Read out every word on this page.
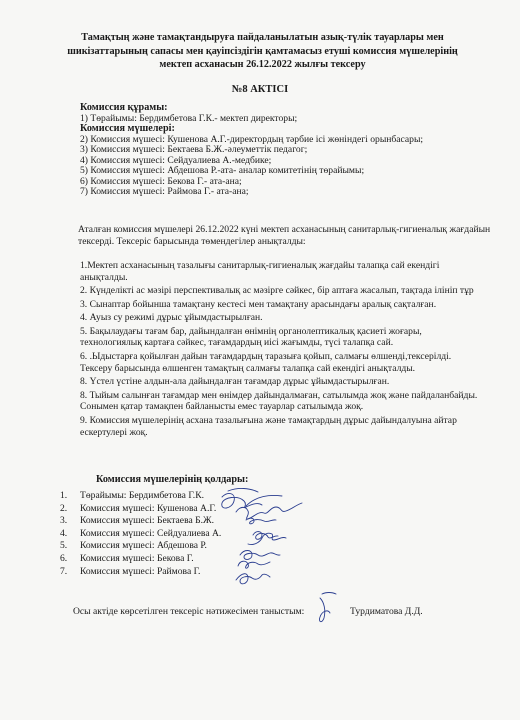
Тамақтың және тамақтандыруға пайдаланылатын азық-түлік тауарлары мен
шикізаттарының сапасы мен қауіпсіздігін қамтамасыз етуші комиссия мүшелерінің
мектеп асханасын 26.12.2022 жылғы тексеру
№8 АКТІСІ
Комиссия құрамы:
1) Төрайымы: Бердимбетова Г.К.- мектеп директоры;
Комиссия мүшелері:
2) Комиссия мүшесі: Кушенова А.Г.-директордың тәрбие ісі жөніндегі орынбасары;
3) Комиссия мүшесі: Бектаева Б.Ж.-әлеуметтік педагог;
4) Комиссия мүшесі: Сейдуалиева А.-медбике;
5) Комиссия мүшесі: Абдешова Р.-ата- аналар комитетінің төрайымы;
6) Комиссия мүшесі: Бекова Г.- ата-ана;
7) Комиссия мүшесі: Раймова Г.- ата-ана;
Аталған комиссия мүшелері 26.12.2022 күні мектеп асханасының санитарлық-гигиеналық жағдайын тексерді. Тексеріс барысында төмендегілер анықталды:
1.Мектеп асханасының тазалығы санитарлық-гигиеналық жағдайы талапқа сай екендігі анықталды.
2. Күнделікті ас мәзірі перспективалық ас мәзірге сәйкес, бір аптаға жасалып, тақтада ілініп тұр
3. Сынаптар бойынша тамақтану кестесі мен тамақтану арасындағы аралық сақталған.
4. Ауыз су режимі дұрыс ұйымдастырылған.
5. Бақылаудағы тағам бар, дайындалған өнімнің органолептикалық қасиеті жоғары, технологиялық картаға сәйкес, тағамдардың иісі жағымды, түсі талапқа сай.
6. .Ыдыстарға қойылған дайын тағамдардың таразыға қойып, салмағы өлшенді,тексерілді. Тексеру барысында өлшенген тамақтың салмағы талапқа сай екендігі анықталды.
8. Үстел үстіне алдын-ала дайындалған тағамдар дұрыс ұйымдастырылған.
8. Тыйым салынған тағамдар мен өнімдер дайындалмаған, сатылымда жоқ және пайдаланбайды. Сонымен қатар тамақпен байланысты емес тауарлар сатылымда жоқ.
9. Комиссия мүшелерінің асхана тазалығына және тамақтардың дұрыс дайындалуына айтар ескертулері жоқ.
Комиссия мүшелерінің қолдары:
1. Төрайымы: Бердимбетова Г.К.
2. Комиссия мүшесі: Кушенова А.Г.
3. Комиссия мүшесі: Бектаева Б.Ж.
4. Комиссия мүшесі: Сейдуалиева А.
5. Комиссия мүшесі: Абдешова Р.
6. Комиссия мүшесі: Бекова Г.
7. Комиссия мүшесі: Раймова Г.
Осы актіде көрсетілген тексеріс нәтижесімен таныстым:	Турдиматова Д.Д.
